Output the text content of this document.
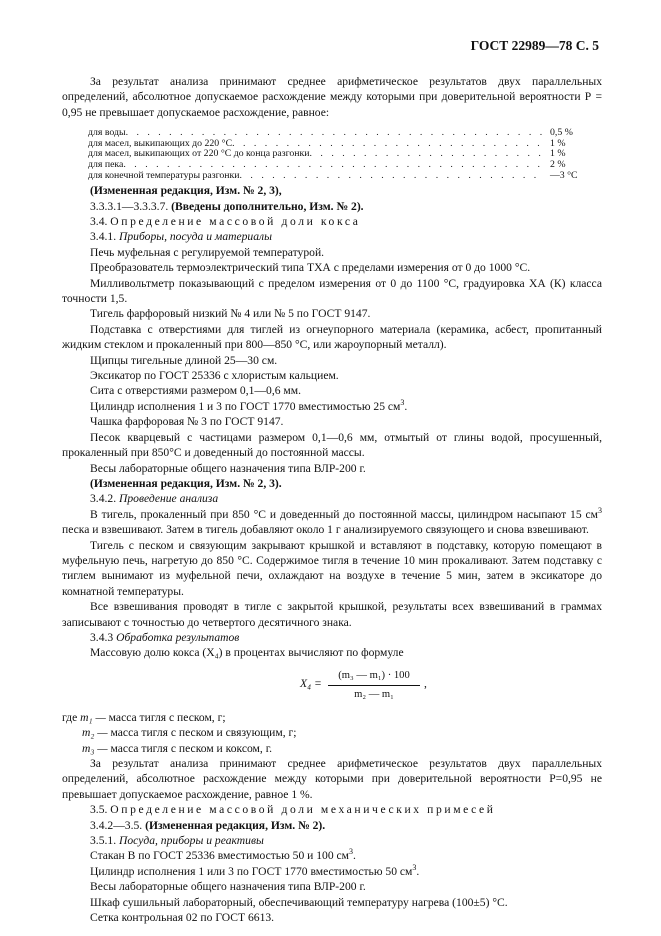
ГОСТ 22989—78 С. 5

За результат анализа принимают среднее арифметическое результатов двух параллельных определений, абсолютное допускаемое расхождение между которыми при доверительной вероятности Р = 0,95 не превышает допускаемое расхождение, равное:

для воды . . .	0,5 %
для масел, выкипающих до 220 °С . . .	1 %
для масел, выкипающих от 220 °С до конца разгонки . . .	1 %
для пека . . .	2 %
для конечной температуры разгонки . . .	—3 °С

(Измененная редакция, Изм. № 2, 3),

3.3.3.1—3.3.3.7. (Введены дополнительно, Изм. № 2).

3.4. Определение массовой доли кокса

3.4.1. Приборы, посуда и материалы

Печь муфельная с регулируемой температурой.

Преобразователь термоэлектрический типа ТХА с пределами измерения от 0 до 1000 °С.

Милливольтметр показывающий с пределом измерения от 0 до 1100 °С, градуировка ХА (К) класса точности 1,5.

Тигель фарфоровый низкий № 4 или № 5 по ГОСТ 9147.

Подставка с отверстиями для тиглей из огнеупорного материала (керамика, асбест, пропитанный жидким стеклом и прокаленный при 800—850 °С, или жароупорный металл).

Щипцы тигельные длиной 25—30 см.

Эксикатор по ГОСТ 25336 с хлористым кальцием.

Сита с отверстиями размером 0,1—0,6 мм.

Цилиндр исполнения 1 и 3 по ГОСТ 1770 вместимостью 25 $см^3$.

Чашка фарфоровая № 3 по ГОСТ 9147.

Песок кварцевый с частицами размером 0,1—0,6 мм, отмытый от глины водой, просушенный, прокаленный при 850°С и доведенный до постоянной массы.

Весы лабораторные общего назначения типа ВЛР-200 г.

(Измененная редакция, Изм. № 2, 3).

3.4.2. Проведение анализа

В тигель, прокаленный при 850 °С и доведенный до постоянной массы, цилиндром насыпают 15 $см^3$ песка и взвешивают. Затем в тигель добавляют около 1 г анализируемого связующего и снова взвешивают.

Тигель с песком и связующим закрывают крышкой и вставляют в подставку, которую помещают в муфельную печь, нагретую до 850 °С. Содержимое тигля в течение 10 мин прокаливают. Затем подставку с тиглем вынимают из муфельной печи, охлаждают на воздухе в течение 5 мин, затем в эксикаторе до комнатной температуры.

Все взвешивания проводят в тигле с закрытой крышкой, результаты всех взвешиваний в граммах записывают с точностью до четвертого десятичного знака.

3.4.3 Обработка результатов

Массовую долю кокса (X₄) в процентах вычисляют по формуле

$X_4 = \frac{\text{(m₃ — m₁) · 100}}{\text{m₂ — m₁}}$ ,
где m₁ — масса тигля с песком, г;
m₂ — масса тигля с песком и связующим, г;
m₃ — масса тигля с песком и коксом, г.

За результат анализа принимают среднее арифметическое результатов двух параллельных определений, абсолютное расхождение между которыми при доверительной вероятности Р=0,95 не превышает допускаемое расхождение, равное 1 %.

3.5. Определение массовой доли механических примесей

3.4.2—3.5. (Измененная редакция, Изм. № 2).

3.5.1. Посуда, приборы и реактивы

Стакан В по ГОСТ 25336 вместимостью 50 и 100 $см^3$.

Цилиндр исполнения 1 или 3 по ГОСТ 1770 вместимостью 50 $см^3$.

Весы лабораторные общего назначения типа ВЛР-200 г.

Шкаф сушильный лабораторный, обеспечивающий температуру нагрева (100±5) °С.

Сетка контрольная 02 по ГОСТ 6613.
